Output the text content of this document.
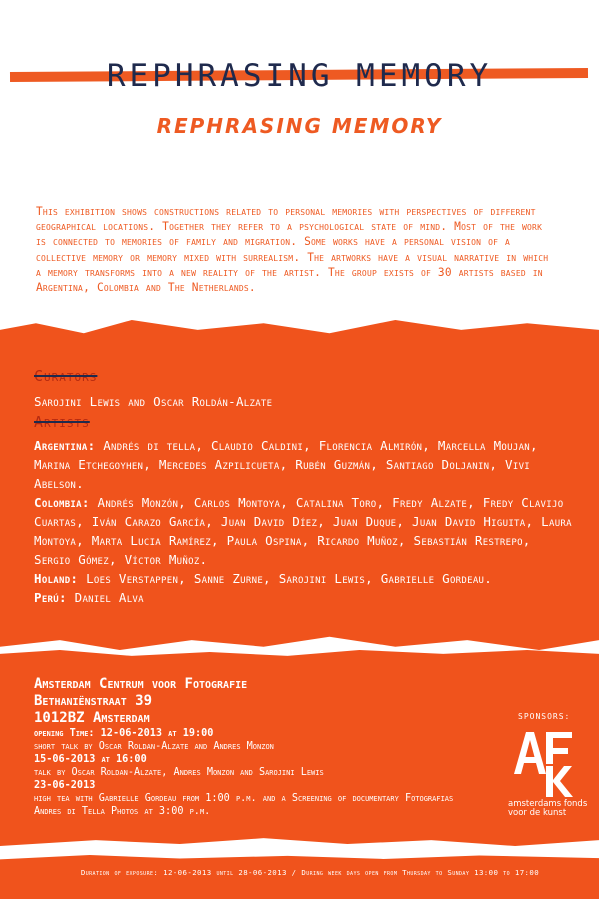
REPHRASING MEMORY
REPHRASING MEMORY
This exhibition shows constructions related to personal memories with perspectives of different geographical locations. Together they refer to a psychological state of mind. Most of the work is connected to memories of family and migration. Some works have a personal vision of a collective memory or memory mixed with surrealism. The artworks have a visual narrative in which a memory transforms into a new reality of the artist. The group exists of 30 artists based in Argentina, Colombia and The Netherlands.
Curators
Sarojini Lewis and Oscar Roldán-Alzate
Artists
Argentina: Andrés di tella, Claudio Caldini, Florencia Almirón, Marcella Moujan, Marina Etchegoyhen, Mercedes Azpilicueta, Rubén Guzmán, Santiago Doljanin, Vivi Abelson.
Colombia: Andrés Monzón, Carlos Montoya, Catalina Toro, Fredy Alzate, Fredy Clavijo Cuartas, Iván Carazo García, Juan David Díez, Juan Duque, Juan David Higuita, Laura Montoya, Marta Lucia Ramírez, Paula Ospina, Ricardo Muñoz, Sebastián Restrepo, Sergio Gómez, Víctor Muñoz.
Holand: Loes Verstappen, Sanne Zurne, Sarojini Lewis, Gabrielle Gordeau.
Perú: Daniel Alva
Amsterdam Centrum voor Fotografie
Bethaniënstraat 39
1012BZ Amsterdam
opening Time: 12-06-2013 at 19:00
short talk by Oscar Roldan-Alzate and Andres Monzon
15-06-2013 at 16:00
talk by Oscar Roldan-Alzate, Andres Monzon and Sarojini Lewis
23-06-2013
high tea with Gabrielle Gordeau from 1:00 p.m. and a Screening of documentary Fotografias Andres di Tella Photos at 3:00 p.m.
SPONSORS:
amsterdams fonds voor de kunst
Duration of exposure: 12-06-2013 until 28-06-2013 / During week days open from Thursday to Sunday 13:00 to 17:00
